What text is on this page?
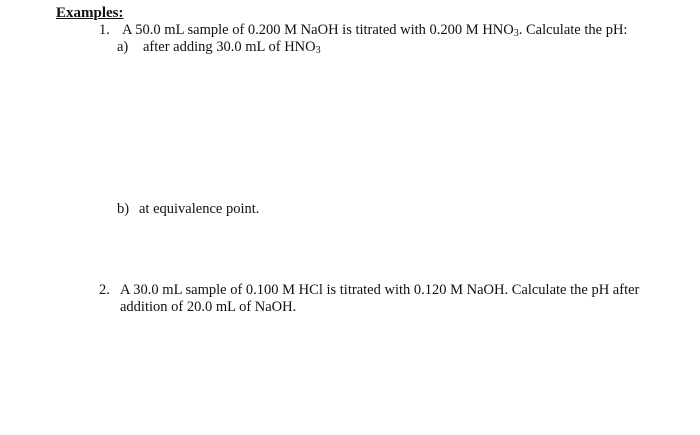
Examples:
1. A 50.0 mL sample of 0.200 M NaOH is titrated with 0.200 M $HNO_3$. Calculate the pH:
a) after adding 30.0 mL of $HNO_3$
b) at equivalence point.
2. A 30.0 mL sample of 0.100 M HCl is titrated with 0.120 M NaOH. Calculate the pH after
addition of 20.0 mL of NaOH.
